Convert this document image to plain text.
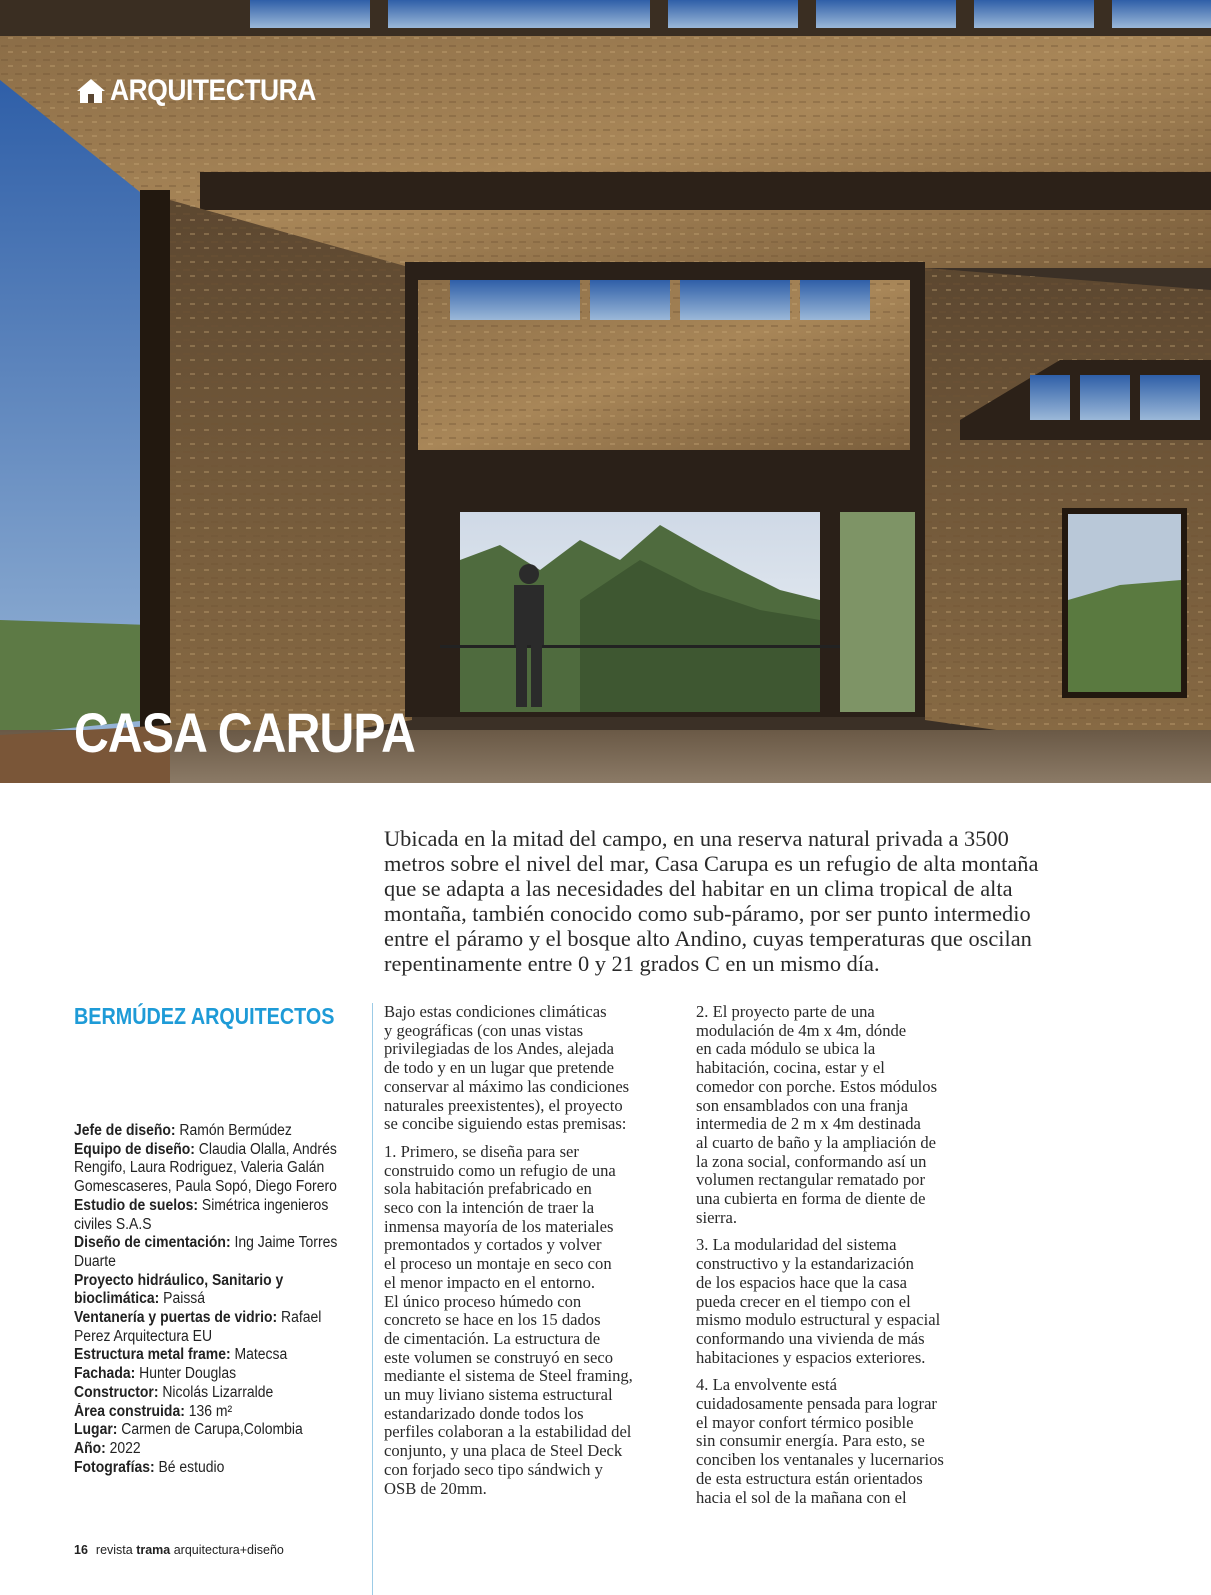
ARQUITECTURA
CASA CARUPA
Ubicada en la mitad del campo, en una reserva natural privada a 3500
metros sobre el nivel del mar, Casa Carupa es un refugio de alta montaña
que se adapta a las necesidades del habitar en un clima tropical de alta
montaña, también conocido como sub-páramo, por ser punto intermedio
entre el páramo y el bosque alto Andino, cuyas temperaturas que oscilan
repentinamente entre 0 y 21 grados C en un mismo día.
BERMÚDEZ ARQUITECTOS
Jefe de diseño: Ramón Bermúdez
Equipo de diseño: Claudia Olalla, Andrés
Rengifo, Laura Rodriguez, Valeria Galán
Gomescaseres, Paula Sopó, Diego Forero
Estudio de suelos: Simétrica ingenieros
civiles S.A.S
Diseño de cimentación: Ing Jaime Torres
Duarte
Proyecto hidráulico, Sanitario y
bioclimática: Paissá
Ventanería y puertas de vidrio: Rafael
Perez Arquitectura EU
Estructura metal frame: Matecsa
Fachada: Hunter Douglas
Constructor: Nicolás Lizarralde
Área construida: 136 m²
Lugar: Carmen de Carupa,Colombia
Año: 2022
Fotografías: Bé estudio
Bajo estas condiciones climáticas
y geográficas (con unas vistas
privilegiadas de los Andes, alejada
de todo y en un lugar que pretende
conservar al máximo las condiciones
naturales preexistentes), el proyecto
se concibe siguiendo estas premisas:
1. Primero, se diseña para ser
construido como un refugio de una
sola habitación prefabricado en
seco con la intención de traer la
inmensa mayoría de los materiales
premontados y cortados y volver
el proceso un montaje en seco con
el menor impacto en el entorno.
El único proceso húmedo con
concreto se hace en los 15 dados
de cimentación. La estructura de
este volumen se construyó en seco
mediante el sistema de Steel framing,
un muy liviano sistema estructural
estandarizado donde todos los
perfiles colaboran a la estabilidad del
conjunto, y una placa de Steel Deck
con forjado seco tipo sándwich y
OSB de 20mm.
2. El proyecto parte de una
modulación de 4m x 4m, dónde
en cada módulo se ubica la
habitación, cocina, estar y el
comedor con porche. Estos módulos
son ensamblados con una franja
intermedia de 2 m x 4m destinada
al cuarto de baño y la ampliación de
la zona social, conformando así un
volumen rectangular rematado por
una cubierta en forma de diente de
sierra.
3. La modularidad del sistema
constructivo y la estandarización
de los espacios hace que la casa
pueda crecer en el tiempo con el
mismo modulo estructural y espacial
conformando una vivienda de más
habitaciones y espacios exteriores.
4. La envolvente está
cuidadosamente pensada para lograr
el mayor confort térmico posible
sin consumir energía. Para esto, se
conciben los ventanales y lucernarios
de esta estructura están orientados
hacia el sol de la mañana con el
16 revista trama arquitectura+diseño
